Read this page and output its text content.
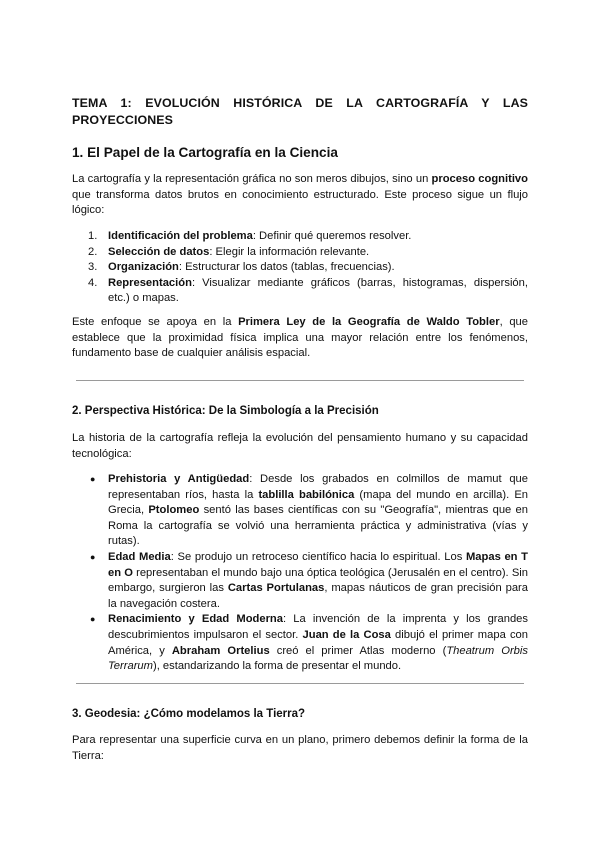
TEMA 1: EVOLUCIÓN HISTÓRICA DE LA CARTOGRAFÍA Y LAS PROYECCIONES

1. El Papel de la Cartografía en la Ciencia

La cartografía y la representación gráfica no son meros dibujos, sino un proceso cognitivo que transforma datos brutos en conocimiento estructurado. Este proceso sigue un flujo lógico:

1. Identificación del problema: Definir qué queremos resolver.
2. Selección de datos: Elegir la información relevante.
3. Organización: Estructurar los datos (tablas, frecuencias).
4. Representación: Visualizar mediante gráficos (barras, histogramas, dispersión, etc.) o mapas.

Este enfoque se apoya en la Primera Ley de la Geografía de Waldo Tobler, que establece que la proximidad física implica una mayor relación entre los fenómenos, fundamento base de cualquier análisis espacial.

2. Perspectiva Histórica: De la Simbología a la Precisión

La historia de la cartografía refleja la evolución del pensamiento humano y su capacidad tecnológica:

● Prehistoria y Antigüedad: Desde los grabados en colmillos de mamut que representaban ríos, hasta la tablilla babilónica (mapa del mundo en arcilla). En Grecia, Ptolomeo sentó las bases científicas con su "Geografía", mientras que en Roma la cartografía se volvió una herramienta práctica y administrativa (vías y rutas).
● Edad Media: Se produjo un retroceso científico hacia lo espiritual. Los Mapas en T en O representaban el mundo bajo una óptica teológica (Jerusalén en el centro). Sin embargo, surgieron las Cartas Portulanas, mapas náuticos de gran precisión para la navegación costera.
● Renacimiento y Edad Moderna: La invención de la imprenta y los grandes descubrimientos impulsaron el sector. Juan de la Cosa dibujó el primer mapa con América, y Abraham Ortelius creó el primer Atlas moderno (Theatrum Orbis Terrarum), estandarizando la forma de presentar el mundo.

3. Geodesia: ¿Cómo modelamos la Tierra?

Para representar una superficie curva en un plano, primero debemos definir la forma de la Tierra:
